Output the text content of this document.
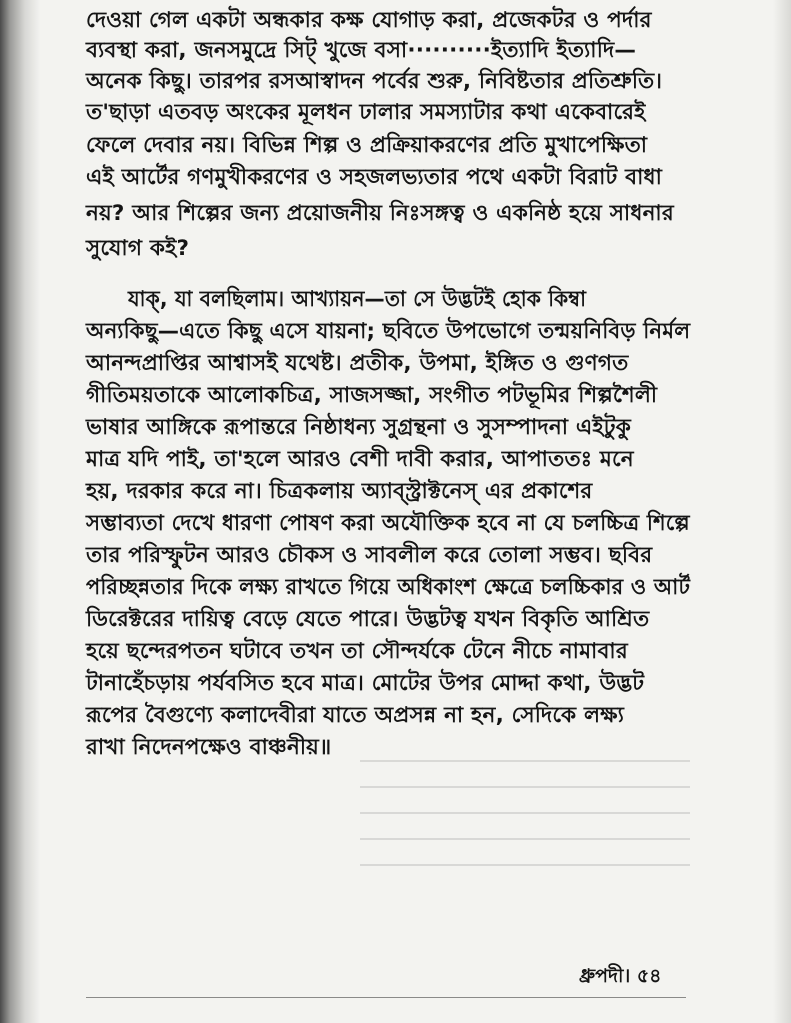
দেওয়া গেল একটা অন্ধকার কক্ষ যোগাড় করা, প্রজেকটর ও পর্দার
ব্যবস্থা করা, জনসমুদ্রে সিট্ খুজে বসা··········ইত্যাদি ইত্যাদি—
অনেক কিছু। তারপর রসআস্বাদন পর্বের শুরু, নিবিষ্টতার প্রতিশ্রুতি।
ত'ছাড়া এতবড় অংকের মূলধন ঢালার সমস্যাটার কথা একেবারেই
ফেলে দেবার নয়। বিভিন্ন শিল্প ও প্রক্রিয়াকরণের প্রতি মুখাপেক্ষিতা
এই আর্টের গণমুখীকরণের ও সহজলভ্যতার পথে একটা বিরাট বাধা
নয়? আর শিল্পের জন্য প্রয়োজনীয় নিঃসঙ্গত্ব ও একনিষ্ঠ হয়ে সাধনার
সুযোগ কই?
যাক্, যা বলছিলাম। আখ্যায়ন—তা সে উদ্ভটই হোক কিম্বা
অন্যকিছু—এতে কিছু এসে যায়না; ছবিতে উপভোগে তন্ময়নিবিড় নির্মল
আনন্দপ্রাপ্তির আশ্বাসই যথেষ্ট। প্রতীক, উপমা, ইঙ্গিত ও গুণগত
গীতিময়তাকে আলোকচিত্র, সাজসজ্জা, সংগীত পটভূমির শিল্পশৈলী
ভাষার আঙ্গিকে রূপান্তরে নিষ্ঠাধন্য সুগ্রন্থনা ও সুসম্পাদনা এইটুকু
মাত্র যদি পাই, তা'হলে আরও বেশী দাবী করার, আপাততঃ মনে
হয়, দরকার করে না। চিত্রকলায় অ্যাব্স্ট্রাক্টনেস্ এর প্রকাশের
সম্ভাব্যতা দেখে ধারণা পোষণ করা অযৌক্তিক হবে না যে চলচ্চিত্র শিল্পে
তার পরিস্ফুটন আরও চৌকস ও সাবলীল করে তোলা সম্ভব। ছবির
পরিচ্ছন্নতার দিকে লক্ষ্য রাখতে গিয়ে অধিকাংশ ক্ষেত্রে চলচ্চিকার ও আর্ট
ডিরেক্টরের দায়িত্ব বেড়ে যেতে পারে। উদ্ভটত্ব যখন বিকৃতি আশ্রিত
হয়ে ছন্দেরপতন ঘটাবে তখন তা সৌন্দর্যকে টেনে নীচে নামাবার
টানাহেঁচড়ায় পর্যবসিত হবে মাত্র। মোটের উপর মোদ্দা কথা, উদ্ভট
রূপের বৈগুণ্যে কলাদেবীরা যাতে অপ্রসন্ন না হন, সেদিকে লক্ষ্য
রাখা নিদেনপক্ষেও বাঞ্চনীয়॥
ধ্রুপদী। ৫৪
